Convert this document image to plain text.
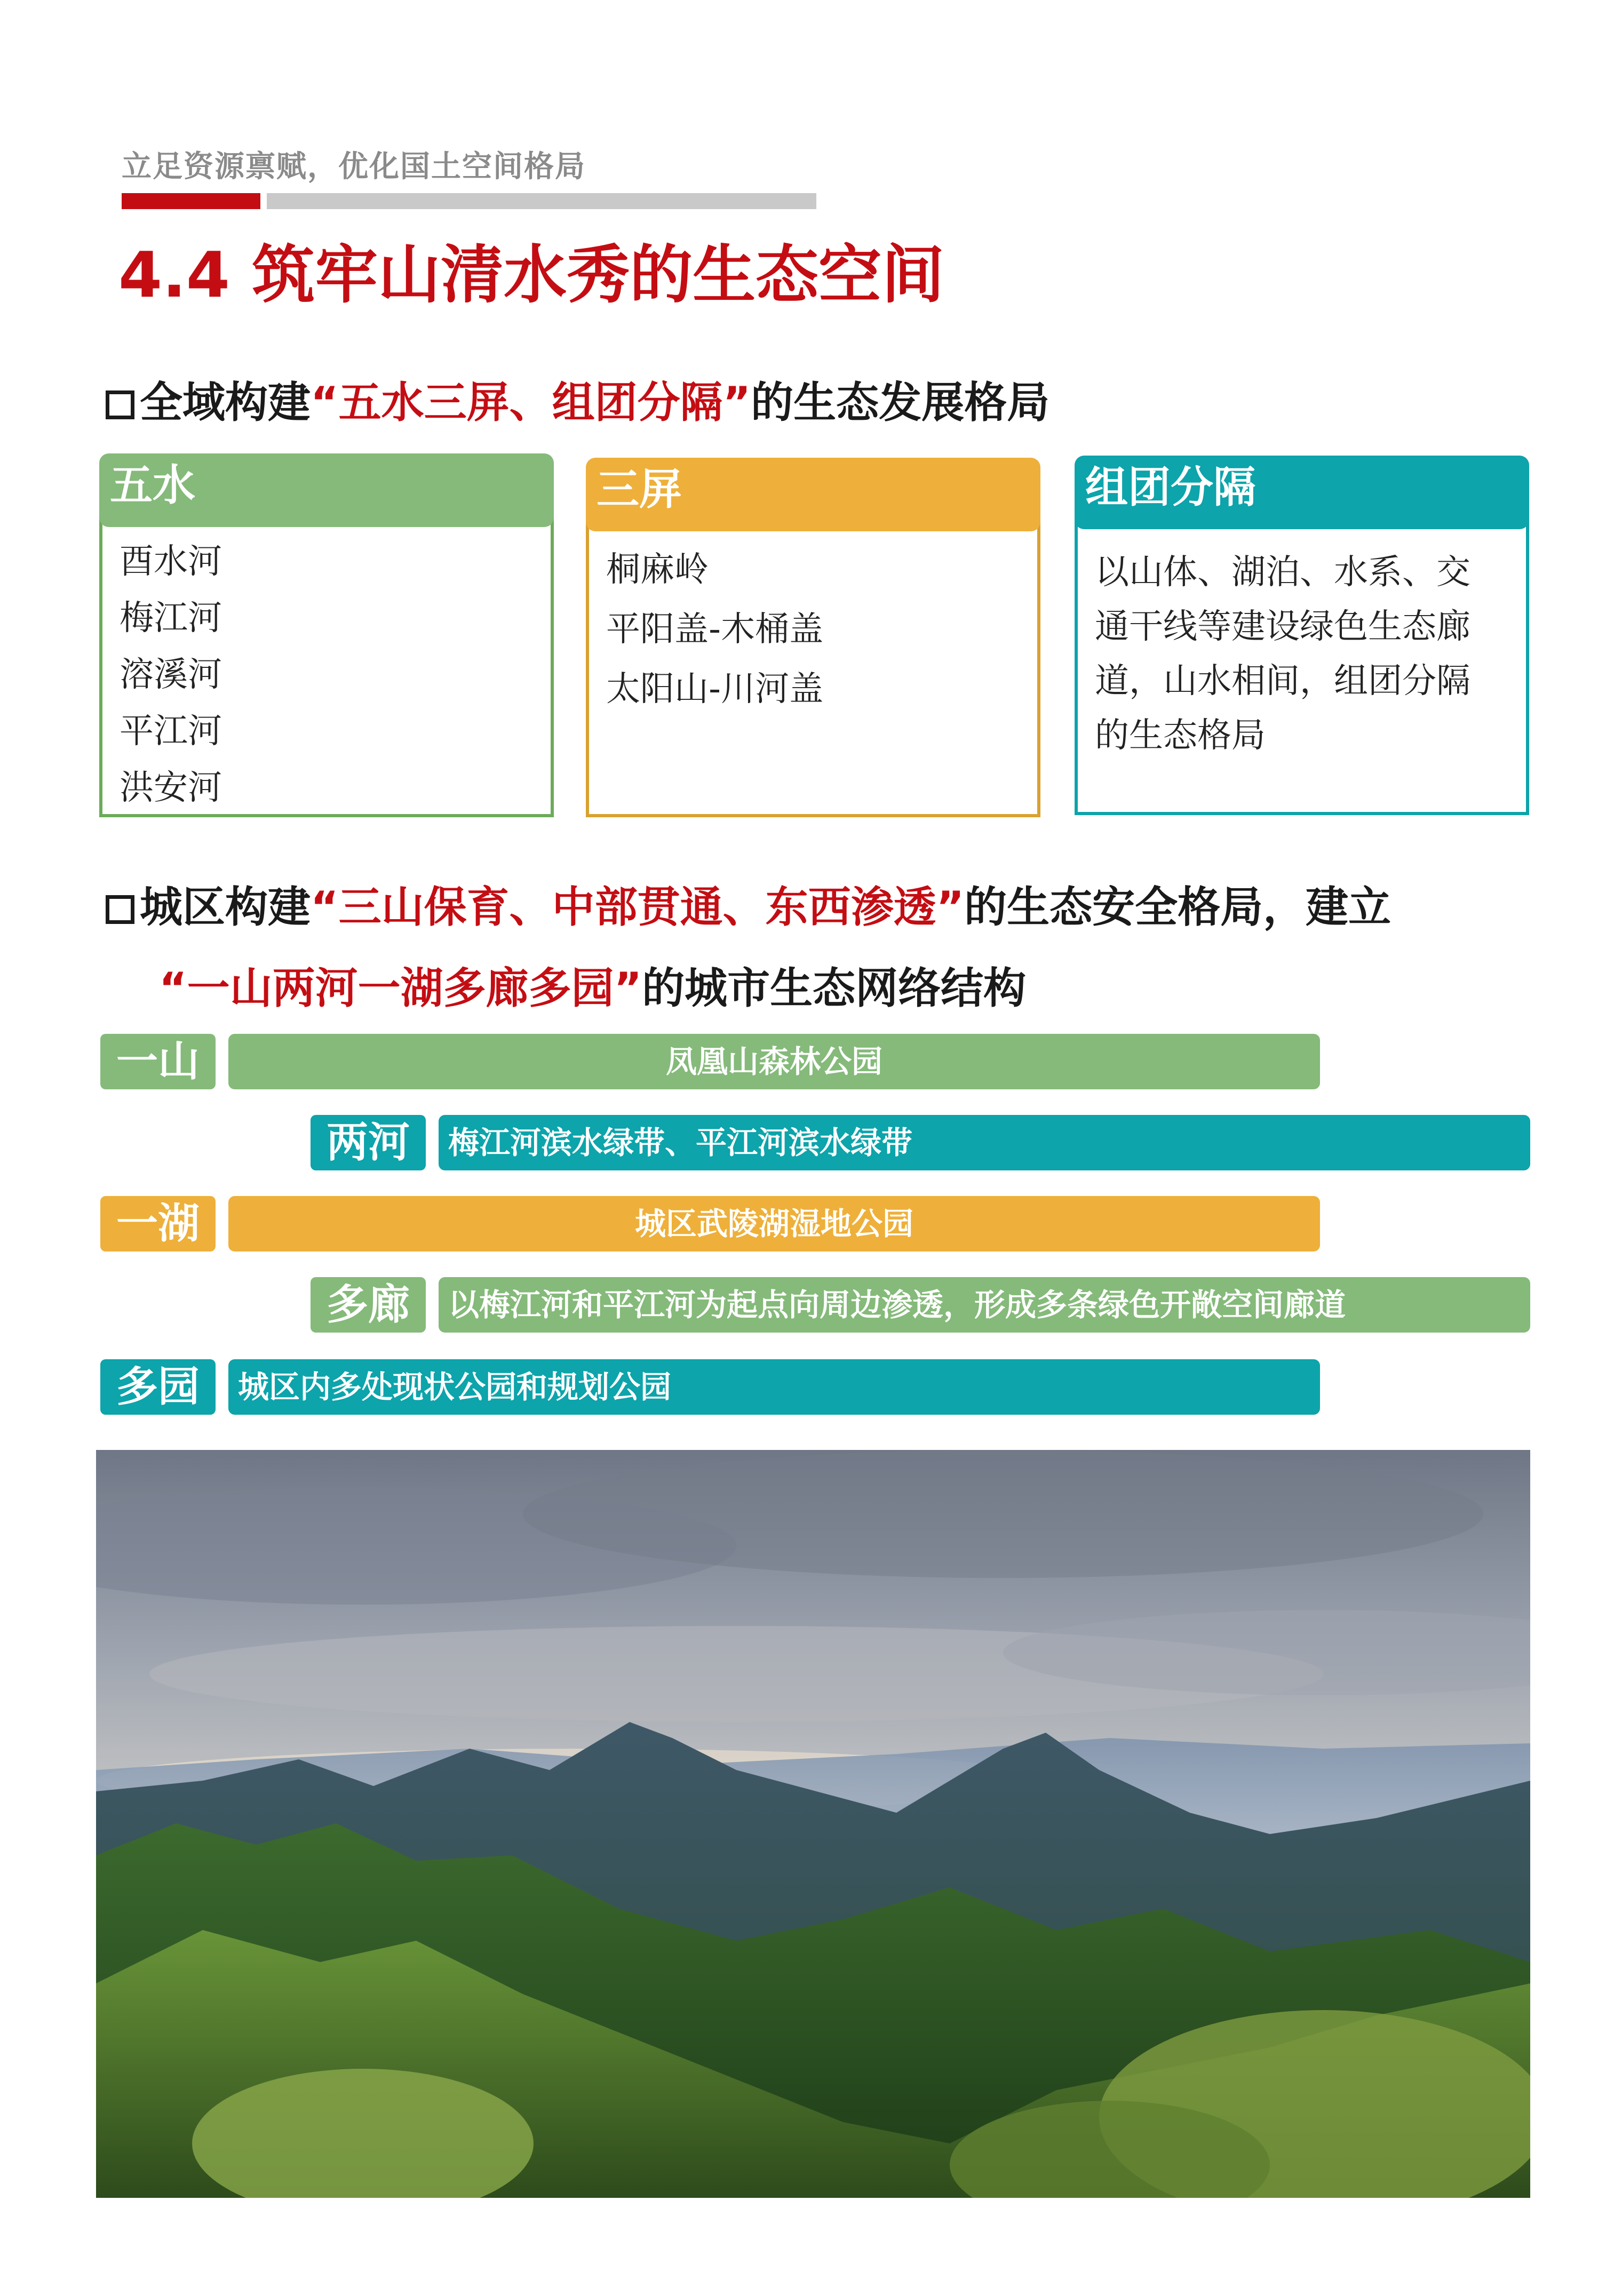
立足资源禀赋，优化国土空间格局
4.4 筑牢山清水秀的生态空间
全域构建“五水三屏、组团分隔”的生态发展格局
五水
酉水河
梅江河
溶溪河
平江河
洪安河
三屏
桐麻岭
平阳盖-木桶盖
太阳山-川河盖
组团分隔
以山体、湖泊、水系、交
通干线等建设绿色生态廊
道，山水相间，组团分隔
的生态格局
城区构建“三山保育、中部贯通、东西渗透”的生态安全格局，建立
“一山两河一湖多廊多园”的城市生态网络结构
一山	凤凰山森林公园
两河	梅江河滨水绿带、平江河滨水绿带
一湖	城区武陵湖湿地公园
多廊	以梅江河和平江河为起点向周边渗透，形成多条绿色开敞空间廊道
多园	城区内多处现状公园和规划公园
